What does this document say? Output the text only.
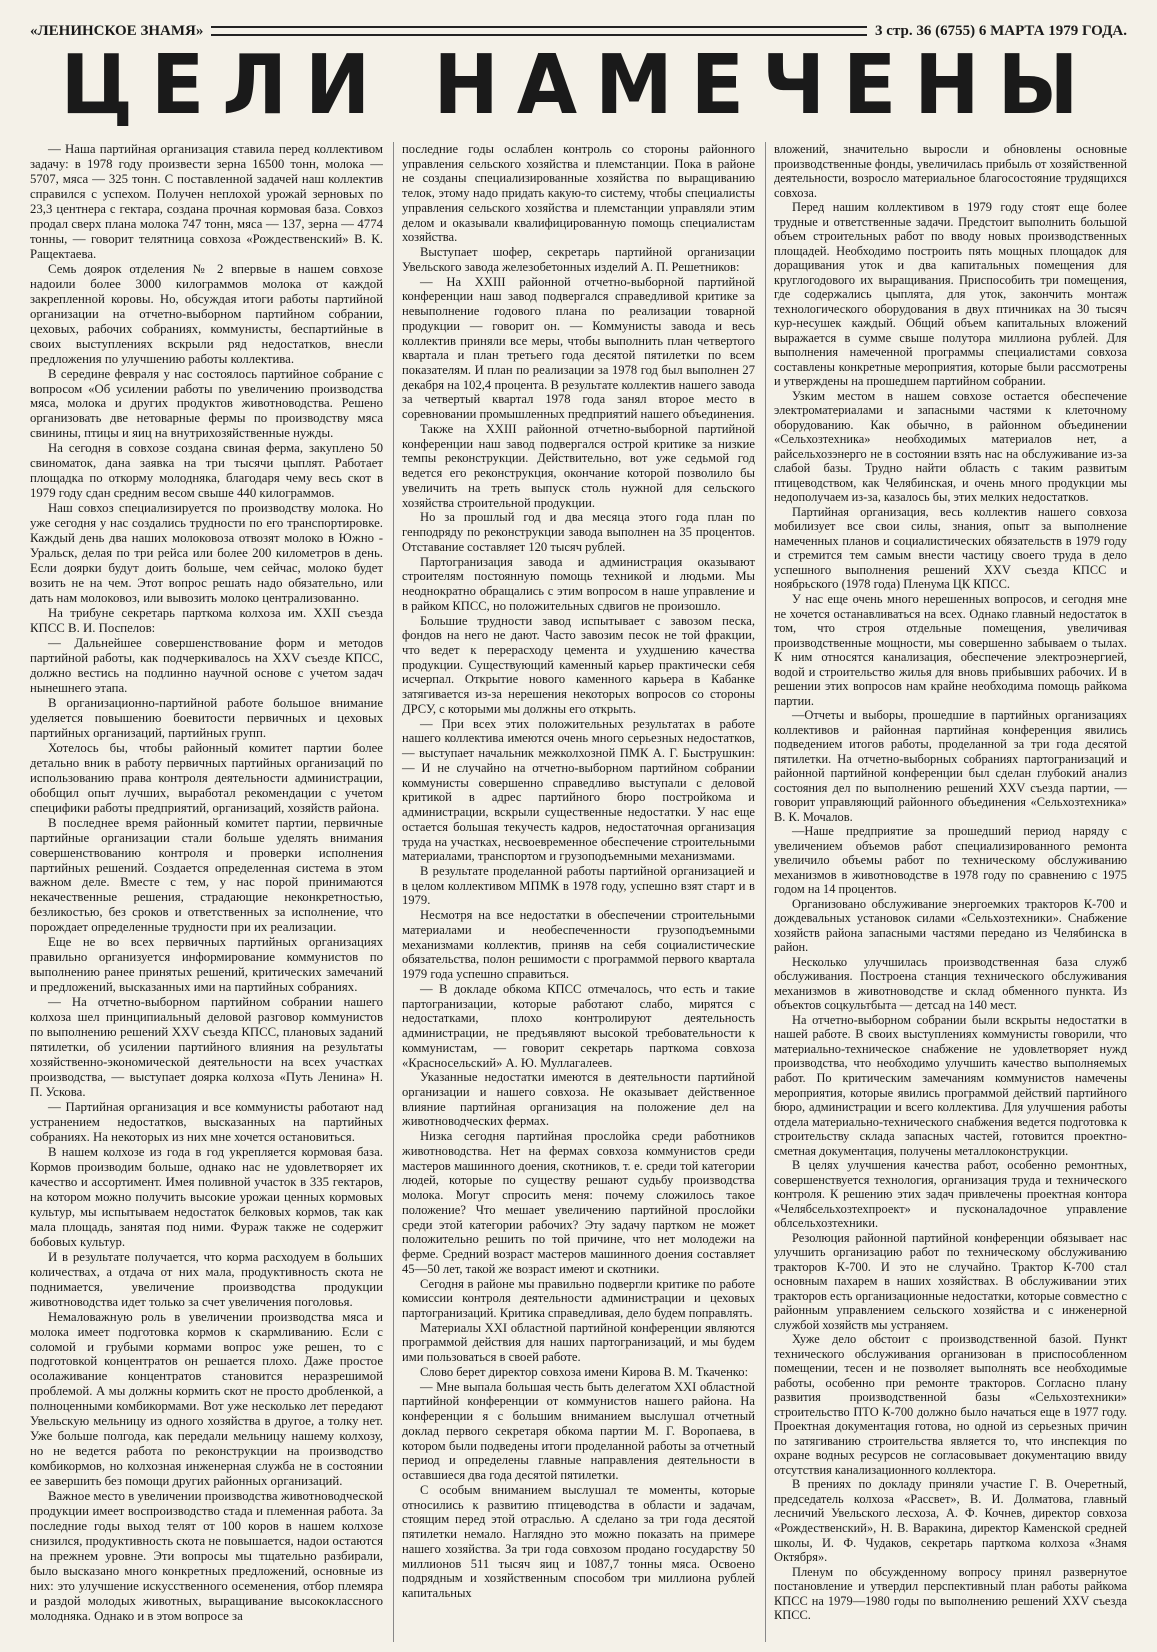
«ЛЕНИНСКОЕ ЗНАМЯ»	3 стр. 36 (6755) 6 МАРТА 1979 ГОДА.
ЦЕЛИ НАМЕЧЕНЫ

— Наша партийная организация ставила перед коллективом задачу: в 1978 году произвести зерна 16500 тонн, молока — 5707, мяса — 325 тонн. С поставленной задачей наш коллектив справился с успехом. Получен неплохой урожай зерновых по 23,3 центнера с гектара, создана прочная кормовая база. Совхоз продал сверх плана молока 747 тонн, мяса — 137, зерна — 4774 тонны, — говорит телятница совхоза «Рождественский» В. К. Ращектаева.

Семь доярок отделения № 2 впервые в нашем совхозе надоили более 3000 килограммов молока от каждой закрепленной коровы. Но, обсуждая итоги работы партийной организации на отчетно-выборном партийном собрании, цеховых, рабочих собраниях, коммунисты, беспартийные в своих выступлениях вскрыли ряд недостатков, внесли предложения по улучшению работы коллектива.

В середине февраля у нас состоялось партийное собрание с вопросом «Об усилении работы по увеличению производства мяса, молока и других продуктов животноводства. Решено организовать две нетоварные фермы по производству мяса свинины, птицы и яиц на внутрихозяйственные нужды.

На сегодня в совхозе создана свиная ферма, закуплено 50 свиноматок, дана заявка на три тысячи цыплят. Работает площадка по откорму молодняка, благодаря чему весь скот в 1979 году сдан средним весом свыше 440 килограммов.

Наш совхоз специализируется по производству молока. Но уже сегодня у нас создались трудности по его транспортировке. Каждый день два наших молоковоза отвозят молоко в Южно - Уральск, делая по три рейса или более 200 километров в день. Если доярки будут доить больше, чем сейчас, молоко будет возить не на чем. Этот вопрос решать надо обязательно, или дать нам молоковоз, или вывозить молоко централизованно.

На трибуне секретарь парткома колхоза им. XXII съезда КПСС В. И. Поспелов:

— Дальнейшее совершенствование форм и методов партийной работы, как подчеркивалось на XXV съезде КПСС, должно вестись на подлинно научной основе с учетом задач нынешнего этапа.

В организационно-партийной работе большое внимание уделяется повышению боевитости первичных и цеховых партийных организаций, партийных групп.

Хотелось бы, чтобы районный комитет партии более детально вник в работу первичных партийных организаций по использованию права контроля деятельности администрации, обобщил опыт лучших, выработал рекомендации с учетом специфики работы предприятий, организаций, хозяйств района.

В последнее время районный комитет партии, первичные партийные организации стали больше уделять внимания совершенствованию контроля и проверки исполнения партийных решений. Создается определенная система в этом важном деле. Вместе с тем, у нас порой принимаются некачественные решения, страдающие неконкретностью, безликостью, без сроков и ответственных за исполнение, что порождает определенные трудности при их реализации.

Еще не во всех первичных партийных организациях правильно организуется информирование коммунистов по выполнению ранее принятых решений, критических замечаний и предложений, высказанных ими на партийных собраниях.

— На отчетно-выборном партийном собрании нашего колхоза шел принципиальный деловой разговор коммунистов по выполнению решений XXV съезда КПСС, плановых заданий пятилетки, об усилении партийного влияния на результаты хозяйственно-экономической деятельности на всех участках производства, — выступает доярка колхоза «Путь Ленина» Н. П. Ускова.

— Партийная организация и все коммунисты работают над устранением недостатков, высказанных на партийных собраниях. На некоторых из них мне хочется остановиться.

В нашем колхозе из года в год укрепляется кормовая база. Кормов производим больше, однако нас не удовлетворяет их качество и ассортимент. Имея поливной участок в 335 гектаров, на котором можно получить высокие урожаи ценных кормовых культур, мы испытываем недостаток белковых кормов, так как мала площадь, занятая под ними. Фураж также не содержит бобовых культур.

И в результате получается, что корма расходуем в больших количествах, а отдача от них мала, продуктивность скота не поднимается, увеличение производства продукции животноводства идет только за счет увеличения поголовья.

Немаловажную роль в увеличении производства мяса и молока имеет подготовка кормов к скармливанию. Если с соломой и грубыми кормами вопрос уже решен, то с подготовкой концентратов он решается плохо. Даже простое осолаживание концентратов становится неразрешимой проблемой. А мы должны кормить скот не просто дробленкой, а полноценными комбикормами. Вот уже несколько лет передают Увельскую мельницу из одного хозяйства в другое, а толку нет. Уже больше полгода, как передали мельницу нашему колхозу, но не ведется работа по реконструкции на производство комбикормов, но колхозная инженерная служба не в состоянии ее завершить без помощи других районных организаций.

Важное место в увеличении производства животноводческой продукции имеет воспроизводство стада и племенная работа. За последние годы выход телят от 100 коров в нашем колхозе снизился, продуктивность скота не повышается, надои остаются на прежнем уровне. Эти вопросы мы тщательно разбирали, было высказано много конкретных предложений, основные из них: это улучшение искусственного осеменения, отбор племяра и раздой молодых животных, выращивание высококлассного молодняка. Однако и в этом вопросе за

последние годы ослаблен контроль со стороны районного управления сельского хозяйства и племстанции. Пока в районе не созданы специализированные хозяйства по выращиванию телок, этому надо придать какую-то систему, чтобы специалисты управления сельского хозяйства и племстанции управляли этим делом и оказывали квалифицированную помощь специалистам хозяйства.

Выступает шофер, секретарь партийной организации Увельского завода железобетонных изделий А. П. Решетников:

— На XXIII районной отчетно-выборной партийной конференции наш завод подвергался справедливой критике за невыполнение годового плана по реализации товарной продукции — говорит он. — Коммунисты завода и весь коллектив приняли все меры, чтобы выполнить план четвертого квартала и план третьего года десятой пятилетки по всем показателям. И план по реализации за 1978 год был выполнен 27 декабря на 102,4 процента. В результате коллектив нашего завода за четвертый квартал 1978 года занял второе место в соревновании промышленных предприятий нашего объединения.

Также на XXIII районной отчетно-выборной партийной конференции наш завод подвергался острой критике за низкие темпы реконструкции. Действительно, вот уже седьмой год ведется его реконструкция, окончание которой позволило бы увеличить на треть выпуск столь нужной для сельского хозяйства строительной продукции.

Но за прошлый год и два месяца этого года план по генподряду по реконструкции завода выполнен на 35 процентов. Отставание составляет 120 тысяч рублей.

Партогранизация завода и администрация оказывают строителям постоянную помощь техникой и людьми. Мы неоднократно обращались с этим вопросом в наше управление и в райком КПСС, но положительных сдвигов не произошло.

Большие трудности завод испытывает с завозом песка, фондов на него не дают. Часто завозим песок не той фракции, что ведет к перерасходу цемента и ухудшению качества продукции. Существующий каменный карьер практически себя исчерпал. Открытие нового каменного карьера в Кабанке затягивается из-за нерешения некоторых вопросов со стороны ДРСУ, с которыми мы должны его открыть.

— При всех этих положительных результатах в работе нашего коллектива имеются очень много серьезных недостатков, — выступает начальник межколхозной ПМК А. Г. Быструшкин: — И не случайно на отчетно-выборном партийном собрании коммунисты совершенно справедливо выступали с деловой критикой в адрес партийного бюро постройкома и администрации, вскрыли существенные недостатки. У нас еще остается большая текучесть кадров, недостаточная организация труда на участках, несвоевременное обеспечение строительными материалами, транспортом и грузоподъемными механизмами.

В результате проделанной работы партийной организацией и в целом коллективом МПМК в 1978 году, успешно взят старт и в 1979.

Несмотря на все недостатки в обеспечении строительными материалами и необеспеченности грузоподъемными механизмами коллектив, приняв на себя социалистические обязательства, полон решимости с программой первого квартала 1979 года успешно справиться.

— В докладе обкома КПСС отмечалось, что есть и такие партогранизации, которые работают слабо, мирятся с недостатками, плохо контролируют деятельность администрации, не предъявляют высокой требовательности к коммунистам, — говорит секретарь парткома совхоза «Красносельский» А. Ю. Муллагалеев.

Указанные недостатки имеются в деятельности партийной организации и нашего совхоза. Не оказывает действенное влияние партийная организация на положение дел на животноводческих фермах.

Низка сегодня партийная прослойка среди работников животноводства. Нет на фермах совхоза коммунистов среди мастеров машинного доения, скотников, т. е. среди той категории людей, которые по существу решают судьбу производства молока. Могут спросить меня: почему сложилось такое положение? Что мешает увеличению партийной прослойки среди этой категории рабочих? Эту задачу партком не может положительно решить по той причине, что нет молодежи на ферме. Средний возраст мастеров машинного доения составляет 45—50 лет, такой же возраст имеют и скотники.

Сегодня в районе мы правильно подвергли критике по работе комиссии контроля деятельности администрации и цеховых партогранизаций. Критика справедливая, дело будем поправлять.

Материалы XXI областной партийной конференции являются программой действия для наших партогранизаций, и мы будем ими пользоваться в своей работе.

Слово берет директор совхоза имени Кирова В. М. Ткаченко:

— Мне выпала большая честь быть делегатом XXI областной партийной конференции от коммунистов нашего района. На конференции я с большим вниманием выслушал отчетный доклад первого секретаря обкома партии М. Г. Воропаева, в котором были подведены итоги проделанной работы за отчетный период и определены главные направления деятельности в оставшиеся два года десятой пятилетки.

С особым вниманием выслушал те моменты, которые относились к развитию птицеводства в области и задачам, стоящим перед этой отраслью. А сделано за три года десятой пятилетки немало. Наглядно это можно показать на примере нашего хозяйства. За три года совхозом продано государству 50 миллионов 511 тысяч яиц и 1087,7 тонны мяса. Освоено подрядным и хозяйственным способом три миллиона рублей капитальных

вложений, значительно выросли и обновлены основные производственные фонды, увеличилась прибыль от хозяйственной деятельности, возросло материальное благосостояние трудящихся совхоза.

Перед нашим коллективом в 1979 году стоят еще более трудные и ответственные задачи. Предстоит выполнить большой объем строительных работ по вводу новых производственных площадей. Необходимо построить пять мощных площадок для доращивания уток и два капитальных помещения для круглогодового их выращивания. Приспособить три помещения, где содержались цыплята, для уток, закончить монтаж технологического оборудования в двух птичниках на 30 тысяч кур-несушек каждый. Общий объем капитальных вложений выражается в сумме свыше полутора миллиона рублей. Для выполнения намеченной программы специалистами совхоза составлены конкретные мероприятия, которые были рассмотрены и утверждены на прошедшем партийном собрании.

Узким местом в нашем совхозе остается обеспечение электроматериалами и запасными частями к клеточному оборудованию. Как обычно, в районном объединении «Сельхозтехника» необходимых материалов нет, а райсельхозэнерго не в состоянии взять нас на обслуживание из-за слабой базы. Трудно найти область с таким развитым птицеводством, как Челябинская, и очень много продукции мы недополучаем из-за, казалось бы, этих мелких недостатков.

Партийная организация, весь коллектив нашего совхоза мобилизует все свои силы, знания, опыт за выполнение намеченных планов и социалистических обязательств в 1979 году и стремится тем самым внести частицу своего труда в дело успешного выполнения решений XXV съезда КПСС и ноябрьского (1978 года) Пленума ЦК КПСС.

У нас еще очень много нерешенных вопросов, и сегодня мне не хочется останавливаться на всех. Однако главный недостаток в том, что строя отдельные помещения, увеличивая производственные мощности, мы совершенно забываем о тылах. К ним относятся канализация, обеспечение электроэнергией, водой и строительство жилья для вновь прибывших рабочих. И в решении этих вопросов нам крайне необходима помощь райкома партии.

—Отчеты и выборы, прошедшие в партийных организациях коллективов и районная партийная конференция явились подведением итогов работы, проделанной за три года десятой пятилетки. На отчетно-выборных собраниях партогранизаций и районной партийной конференции был сделан глубокий анализ состояния дел по выполнению решений XXV съезда партии, — говорит управляющий районного объединения «Сельхозтехника» В. К. Мочалов.

—Наше предприятие за прошедший период наряду с увеличением объемов работ специализированного ремонта увеличило объемы работ по техническому обслуживанию механизмов в животноводстве в 1978 году по сравнению с 1975 годом на 14 процентов.

Организовано обслуживание энергоемких тракторов К-700 и дождевальных установок силами «Сельхозтехники». Снабжение хозяйств района запасными частями передано из Челябинска в район.

Несколько улучшилась производственная база служб обслуживания. Построена станция технического обслуживания механизмов в животноводстве и склад обменного пункта. Из объектов соцкультбыта — детсад на 140 мест.

На отчетно-выборном собрании были вскрыты недостатки в нашей работе. В своих выступлениях коммунисты говорили, что материально-техническое снабжение не удовлетворяет нужд производства, что необходимо улучшить качество выполняемых работ. По критическим замечаниям коммунистов намечены мероприятия, которые явились программой действий партийного бюро, администрации и всего коллектива. Для улучшения работы отдела материально-технического снабжения ведется подготовка к строительству склада запасных частей, готовится проектно-сметная документация, получены металлоконструкции.

В целях улучшения качества работ, особенно ремонтных, совершенствуется технология, организация труда и технического контроля. К решению этих задач привлечены проектная контора «Челябсельхозтехпроект» и пусконаладочное управление облсельхозтехники.

Резолюция районной партийной конференции обязывает нас улучшить организацию работ по техническому обслуживанию тракторов К-700. И это не случайно. Трактор К-700 стал основным пахарем в наших хозяйствах. В обслуживании этих тракторов есть организационные недостатки, которые совместно с районным управлением сельского хозяйства и с инженерной службой хозяйств мы устраняем.

Хуже дело обстоит с производственной базой. Пункт технического обслуживания организован в приспособленном помещении, тесен и не позволяет выполнять все необходимые работы, особенно при ремонте тракторов. Согласно плану развития производственной базы «Сельхозтехники» строительство ПТО К-700 должно было начаться еще в 1977 году. Проектная документация готова, но одной из серьезных причин по затягиванию строительства является то, что инспекция по охране водных ресурсов не согласовывает документацию ввиду отсутствия канализационного коллектора.

В прениях по докладу приняли участие Г. В. Очеретный, председатель колхоза «Рассвет», В. И. Долматова, главный лесничий Увельского лесхоза, А. Ф. Кочнев, директор совхоза «Рождественский», Н. В. Варакина, директор Каменской средней школы, И. Ф. Чудаков, секретарь парткома колхоза «Знамя Октября».

Пленум по обсужденному вопросу принял развернутое постановление и утвердил перспективный план работы райкома КПСС на 1979—1980 годы по выполнению решений XXV съезда КПСС.
